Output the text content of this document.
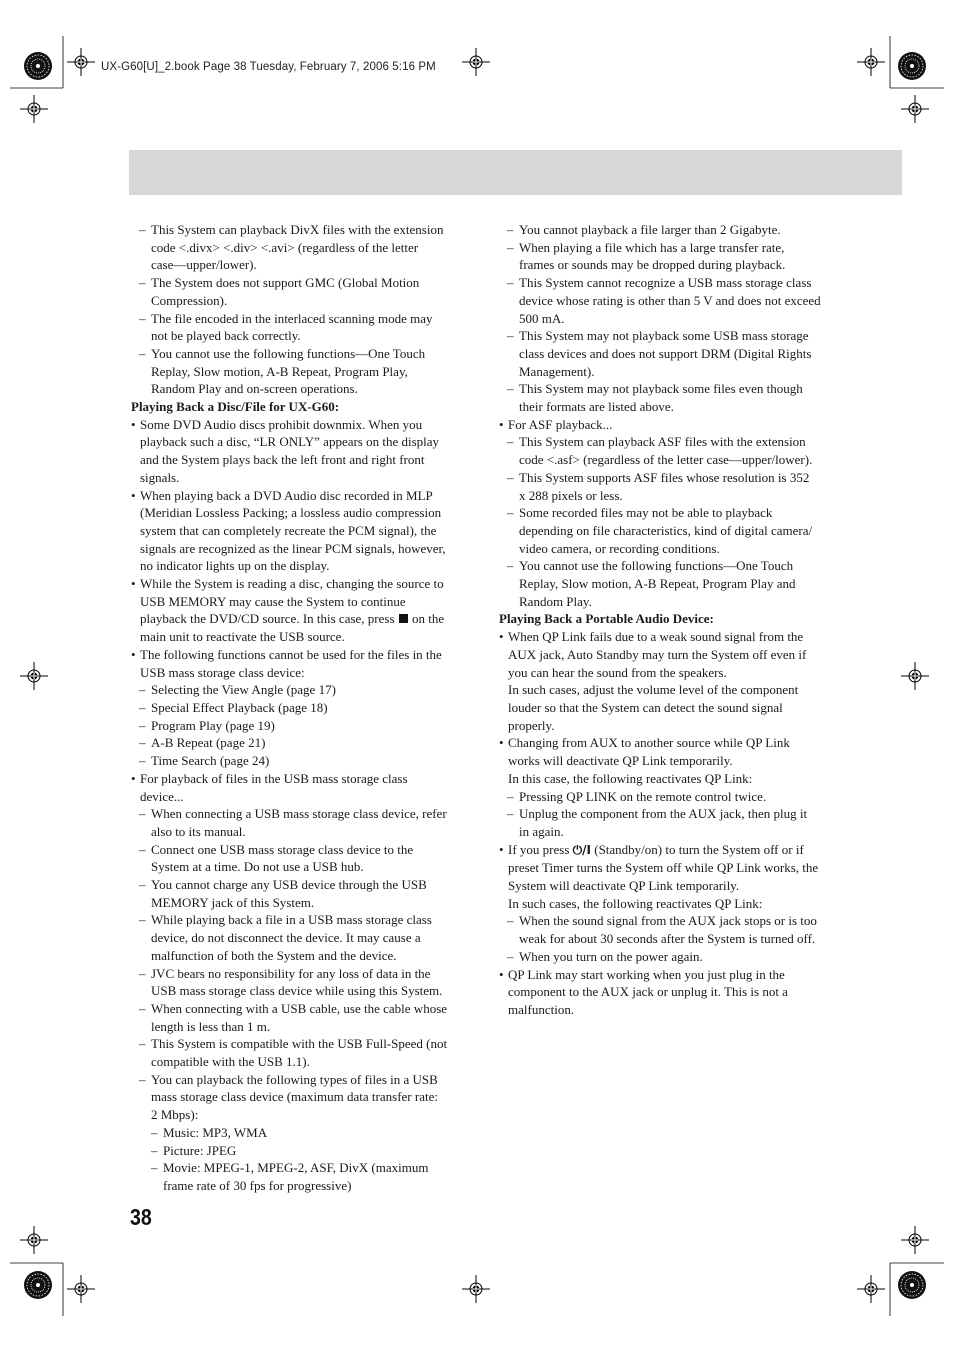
UX-G60[U]_2.book Page 38 Tuesday, February 7, 2006 5:16 PM
– This System can playback DivX files with the extension
code <.divx> <.div> <.avi> (regardless of the letter
case—upper/lower).
– The System does not support GMC (Global Motion
Compression).
– The file encoded in the interlaced scanning mode may
not be played back correctly.
– You cannot use the following functions—One Touch
Replay, Slow motion, A-B Repeat, Program Play,
Random Play and on-screen operations.
Playing Back a Disc/File for UX-G60:
• Some DVD Audio discs prohibit downmix. When you
playback such a disc, “LR ONLY” appears on the display
and the System plays back the left front and right front
signals.
• When playing back a DVD Audio disc recorded in MLP
(Meridian Lossless Packing; a lossless audio compression
system that can completely recreate the PCM signal), the
signals are recognized as the linear PCM signals, however,
no indicator lights up on the display.
• While the System is reading a disc, changing the source to
USB MEMORY may cause the System to continue
playback the DVD/CD source. In this case, press on the
main unit to reactivate the USB source.
• The following functions cannot be used for the files in the
USB mass storage class device:
– Selecting the View Angle (page 17)
– Special Effect Playback (page 18)
– Program Play (page 19)
– A-B Repeat (page 21)
– Time Search (page 24)
• For playback of files in the USB mass storage class
device...
– When connecting a USB mass storage class device, refer
also to its manual.
– Connect one USB mass storage class device to the
System at a time. Do not use a USB hub.
– You cannot charge any USB device through the USB
MEMORY jack of this System.
– While playing back a file in a USB mass storage class
device, do not disconnect the device. It may cause a
malfunction of both the System and the device.
– JVC bears no responsibility for any loss of data in the
USB mass storage class device while using this System.
– When connecting with a USB cable, use the cable whose
length is less than 1 m.
– This System is compatible with the USB Full-Speed (not
compatible with the USB 1.1).
– You can playback the following types of files in a USB
mass storage class device (maximum data transfer rate:
2 Mbps):
– Music: MP3, WMA
– Picture: JPEG
– Movie: MPEG-1, MPEG-2, ASF, DivX (maximum
frame rate of 30 fps for progressive)
– You cannot playback a file larger than 2 Gigabyte.
– When playing a file which has a large transfer rate,
frames or sounds may be dropped during playback.
– This System cannot recognize a USB mass storage class
device whose rating is other than 5 V and does not exceed
500 mA.
– This System may not playback some USB mass storage
class devices and does not support DRM (Digital Rights
Management).
– This System may not playback some files even though
their formats are listed above.
• For ASF playback...
– This System can playback ASF files with the extension
code <.asf> (regardless of the letter case—upper/lower).
– This System supports ASF files whose resolution is 352
x 288 pixels or less.
– Some recorded files may not be able to playback
depending on file characteristics, kind of digital camera/
video camera, or recording conditions.
– You cannot use the following functions—One Touch
Replay, Slow motion, A-B Repeat, Program Play and
Random Play.
Playing Back a Portable Audio Device:
• When QP Link fails due to a weak sound signal from the
AUX jack, Auto Standby may turn the System off even if
you can hear the sound from the speakers.
In such cases, adjust the volume level of the component
louder so that the System can detect the sound signal
properly.
• Changing from AUX to another source while QP Link
works will deactivate QP Link temporarily.
In this case, the following reactivates QP Link:
– Pressing QP LINK on the remote control twice.
– Unplug the component from the AUX jack, then plug it
in again.
• If you press ⏻/I (Standby/on) to turn the System off or if
preset Timer turns the System off while QP Link works, the
System will deactivate QP Link temporarily.
In such cases, the following reactivates QP Link:
– When the sound signal from the AUX jack stops or is too
weak for about 30 seconds after the System is turned off.
– When you turn on the power again.
• QP Link may start working when you just plug in the
component to the AUX jack or unplug it. This is not a
malfunction.
38
